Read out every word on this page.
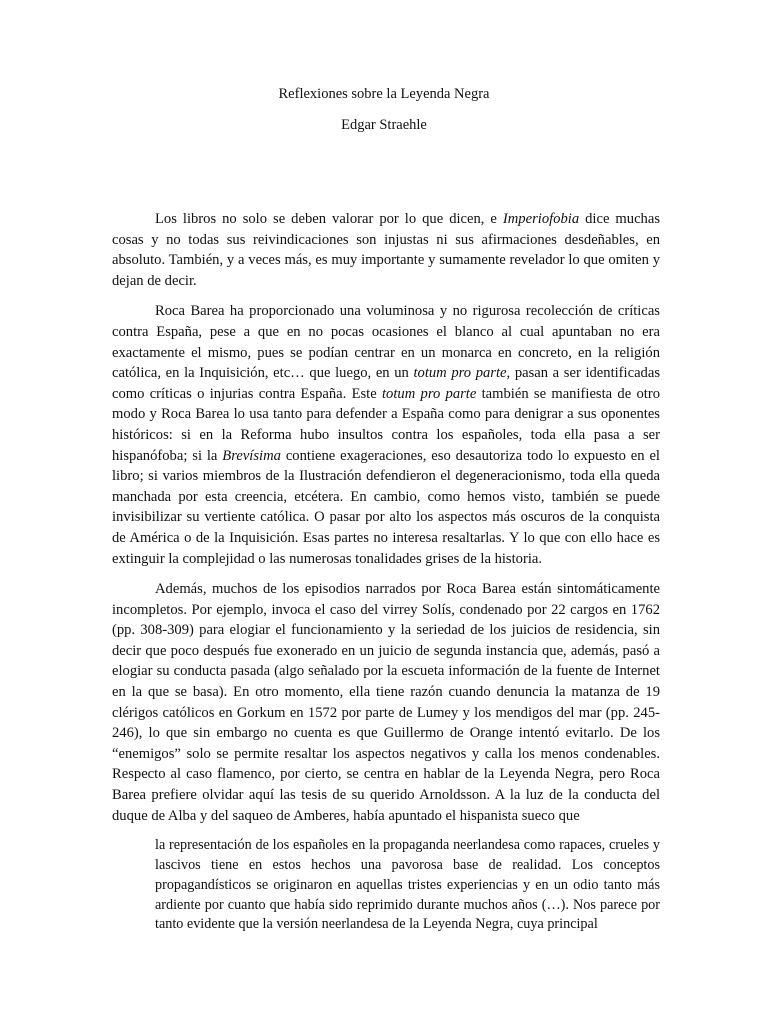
Reflexiones sobre la Leyenda Negra
Edgar Straehle

Los libros no solo se deben valorar por lo que dicen, e Imperiofobia dice muchas cosas y no todas sus reivindicaciones son injustas ni sus afirmaciones desdeñables, en absoluto. También, y a veces más, es muy importante y sumamente revelador lo que omiten y dejan de decir.

Roca Barea ha proporcionado una voluminosa y no rigurosa recolección de críticas contra España, pese a que en no pocas ocasiones el blanco al cual apuntaban no era exactamente el mismo, pues se podían centrar en un monarca en concreto, en la religión católica, en la Inquisición, etc… que luego, en un totum pro parte, pasan a ser identificadas como críticas o injurias contra España. Este totum pro parte también se manifiesta de otro modo y Roca Barea lo usa tanto para defender a España como para denigrar a sus oponentes históricos: si en la Reforma hubo insultos contra los españoles, toda ella pasa a ser hispanófoba; si la Brevísima contiene exageraciones, eso desautoriza todo lo expuesto en el libro; si varios miembros de la Ilustración defendieron el degeneracionismo, toda ella queda manchada por esta creencia, etcétera. En cambio, como hemos visto, también se puede invisibilizar su vertiente católica. O pasar por alto los aspectos más oscuros de la conquista de América o de la Inquisición. Esas partes no interesa resaltarlas. Y lo que con ello hace es extinguir la complejidad o las numerosas tonalidades grises de la historia.

Además, muchos de los episodios narrados por Roca Barea están sintomáticamente incompletos. Por ejemplo, invoca el caso del virrey Solís, condenado por 22 cargos en 1762 (pp. 308-309) para elogiar el funcionamiento y la seriedad de los juicios de residencia, sin decir que poco después fue exonerado en un juicio de segunda instancia que, además, pasó a elogiar su conducta pasada (algo señalado por la escueta información de la fuente de Internet en la que se basa). En otro momento, ella tiene razón cuando denuncia la matanza de 19 clérigos católicos en Gorkum en 1572 por parte de Lumey y los mendigos del mar (pp. 245-246), lo que sin embargo no cuenta es que Guillermo de Orange intentó evitarlo. De los “enemigos” solo se permite resaltar los aspectos negativos y calla los menos condenables. Respecto al caso flamenco, por cierto, se centra en hablar de la Leyenda Negra, pero Roca Barea prefiere olvidar aquí las tesis de su querido Arnoldsson. A la luz de la conducta del duque de Alba y del saqueo de Amberes, había apuntado el hispanista sueco que

la representación de los españoles en la propaganda neerlandesa como rapaces, crueles y lascivos tiene en estos hechos una pavorosa base de realidad. Los conceptos propagandísticos se originaron en aquellas tristes experiencias y en un odio tanto más ardiente por cuanto que había sido reprimido durante muchos años (…). Nos parece por tanto evidente que la versión neerlandesa de la Leyenda Negra, cuya principal
